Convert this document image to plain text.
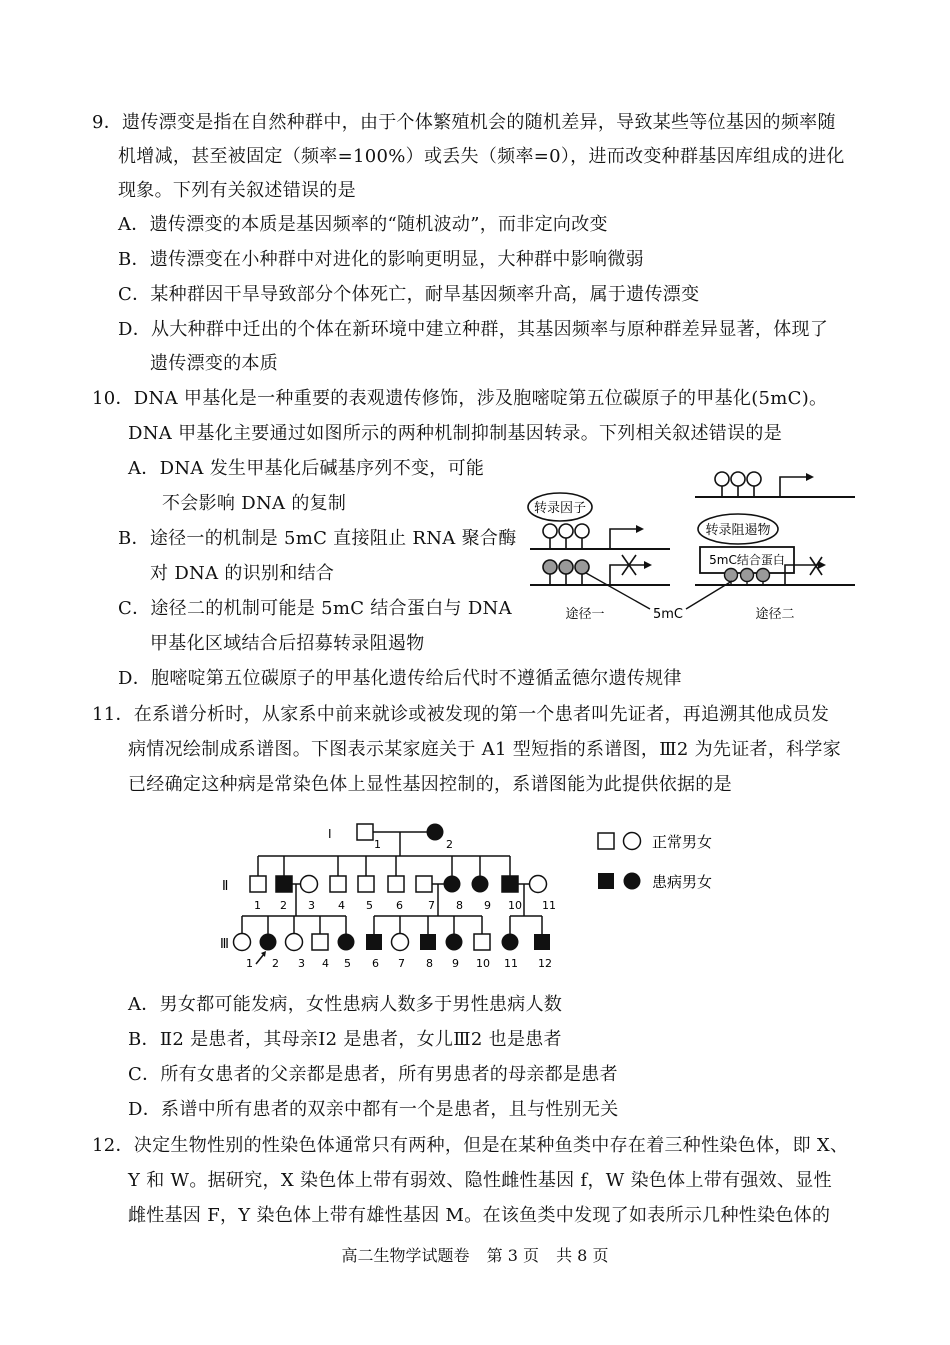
9．遗传漂变是指在自然种群中，由于个体繁殖机会的随机差异，导致某些等位基因的频率随
机增减，甚至被固定（频率=100%）或丢失（频率=0），进而改变种群基因库组成的进化
现象。下列有关叙述错误的是
A．遗传漂变的本质是基因频率的“随机波动”，而非定向改变
B．遗传漂变在小种群中对进化的影响更明显，大种群中影响微弱
C．某种群因干旱导致部分个体死亡，耐旱基因频率升高，属于遗传漂变
D．从大种群中迁出的个体在新环境中建立种群，其基因频率与原种群差异显著，体现了
遗传漂变的本质
10．DNA 甲基化是一种重要的表观遗传修饰，涉及胞嘧啶第五位碳原子的甲基化(5mC)。
DNA 甲基化主要通过如图所示的两种机制抑制基因转录。下列相关叙述错误的是
A．DNA 发生甲基化后碱基序列不变，可能
不会影响 DNA 的复制
B．途径一的机制是 5mC 直接阻止 RNA 聚合酶
对 DNA 的识别和结合
C．途径二的机制可能是 5mC 结合蛋白与 DNA
甲基化区域结合后招募转录阻遏物
D．胞嘧啶第五位碳原子的甲基化遗传给后代时不遵循孟德尔遗传规律
转录因子
转录阻遏物
5mC结合蛋白
5mC
途径一	途径二
11．在系谱分析时，从家系中前来就诊或被发现的第一个患者叫先证者，再追溯其他成员发
病情况绘制成系谱图。下图表示某家庭关于 A1 型短指的系谱图，Ⅲ2 为先证者，科学家
已经确定这种病是常染色体上显性基因控制的，系谱图能为此提供依据的是
Ⅰ
1	2
Ⅱ
1 2 3 4 5 6 7 8 9 10 11
Ⅲ
1 2 3 4 5 6 7 8 9 10 11 12
正常男女
患病男女
A．男女都可能发病，女性患病人数多于男性患病人数
B．Ⅱ2 是患者，其母亲Ⅰ2 是患者，女儿Ⅲ2 也是患者
C．所有女患者的父亲都是患者，所有男患者的母亲都是患者
D．系谱中所有患者的双亲中都有一个是患者，且与性别无关
12．决定生物性别的性染色体通常只有两种，但是在某种鱼类中存在着三种性染色体，即 X、
Y 和 W。据研究，X 染色体上带有弱效、隐性雌性基因 f，W 染色体上带有强效、显性
雌性基因 F，Y 染色体上带有雄性基因 M。在该鱼类中发现了如表所示几种性染色体的
高二生物学试题卷 第 3 页 共 8 页
